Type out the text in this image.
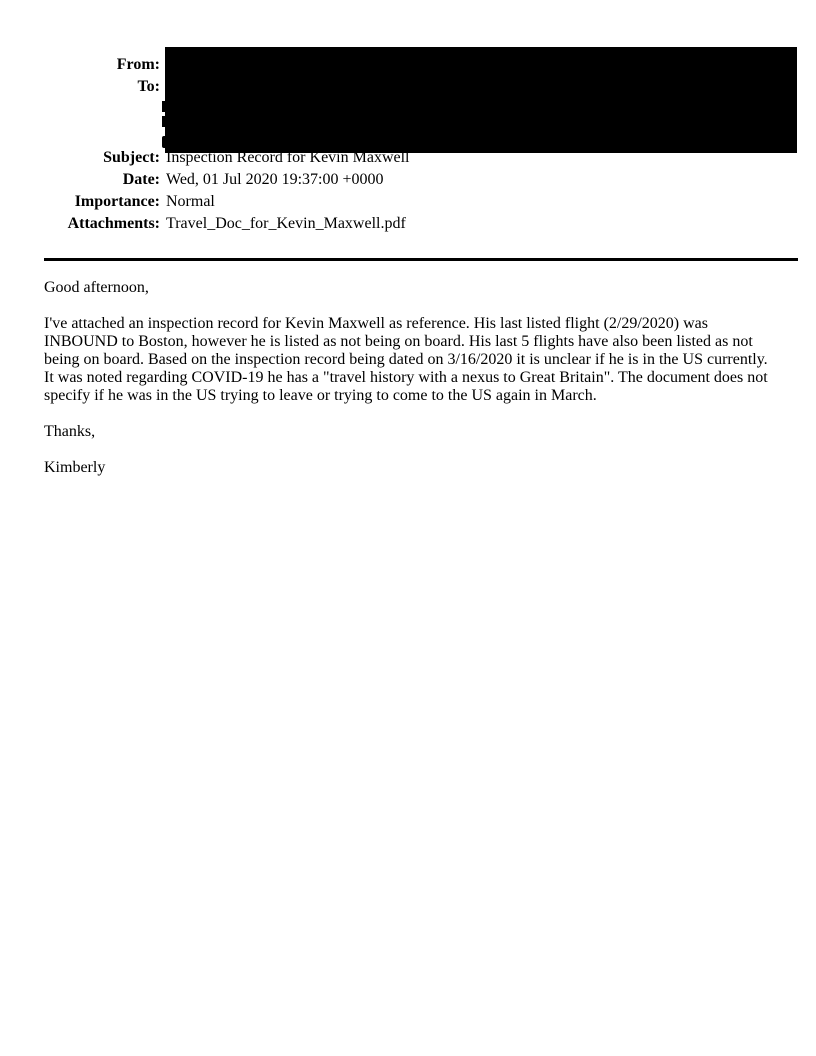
From:
To:
Subject: Inspection Record for Kevin Maxwell
Date: Wed, 01 Jul 2020 19:37:00 +0000
Importance: Normal
Attachments: Travel_Doc_for_Kevin_Maxwell.pdf

Good afternoon,

I've attached an inspection record for Kevin Maxwell as reference. His last listed flight (2/29/2020) was INBOUND to Boston, however he is listed as not being on board. His last 5 flights have also been listed as not being on board. Based on the inspection record being dated on 3/16/2020 it is unclear if he is in the US currently. It was noted regarding COVID-19 he has a "travel history with a nexus to Great Britain". The document does not specify if he was in the US trying to leave or trying to come to the US again in March.

Thanks,

Kimberly
